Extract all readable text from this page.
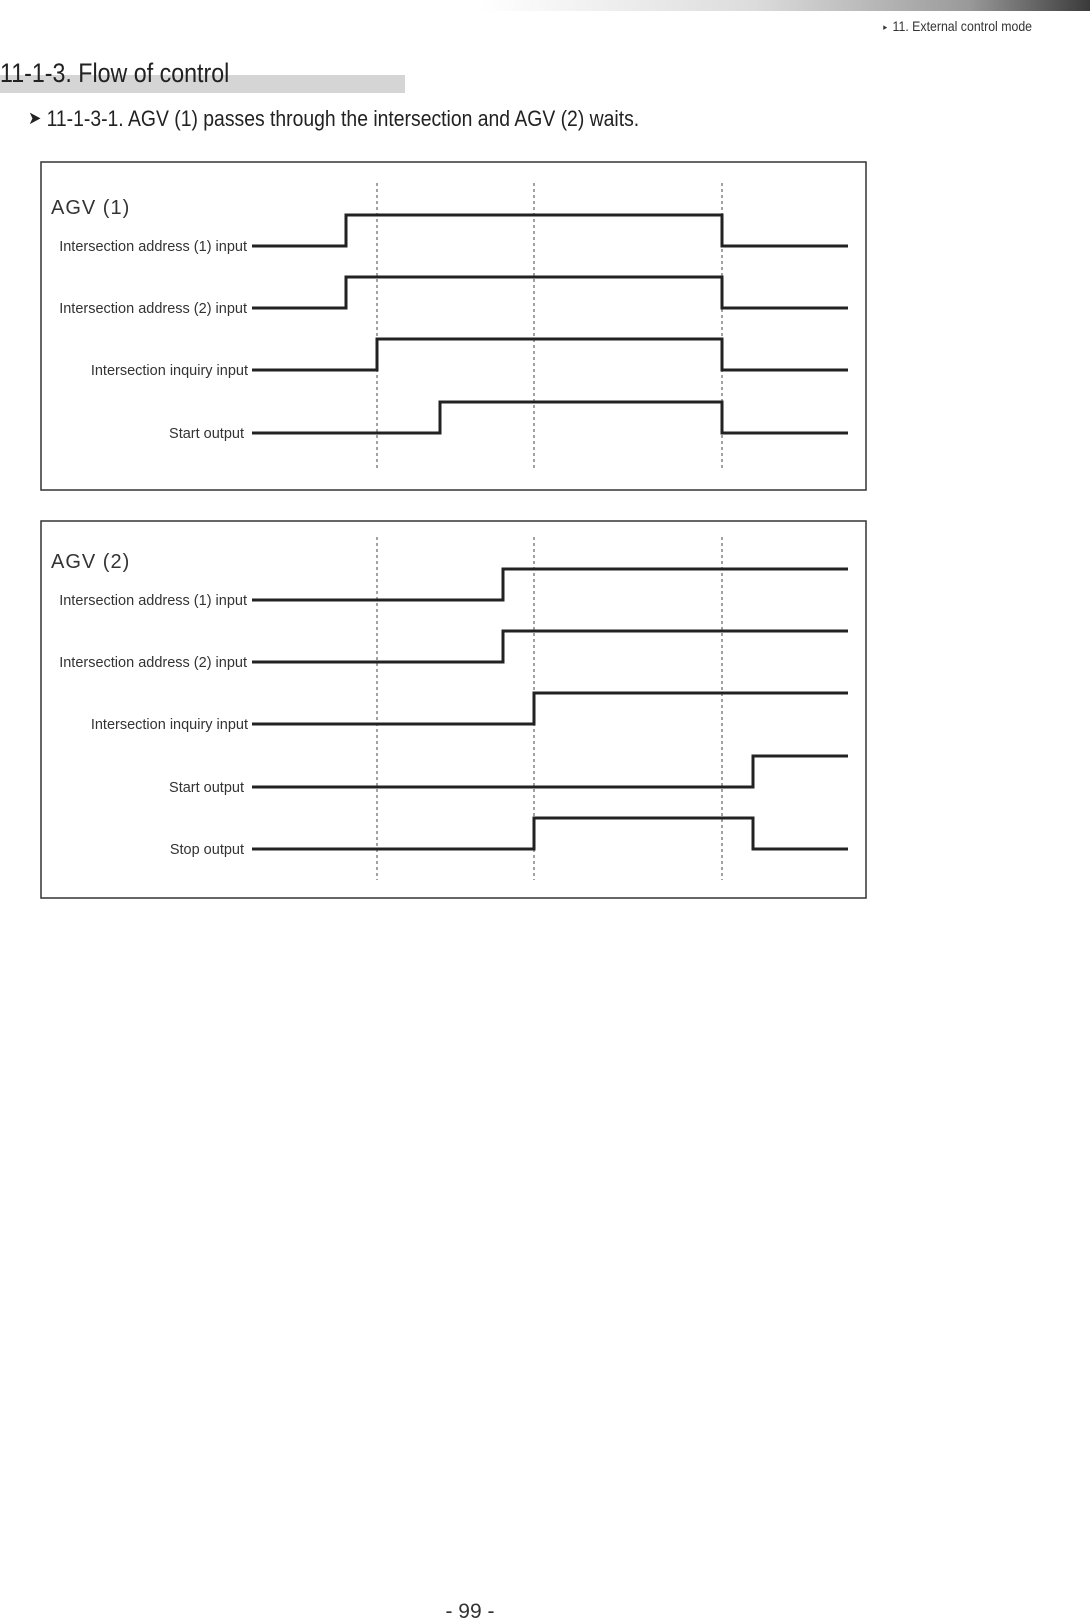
▸ 11. External control mode
11-1-3. Flow of control
➤ 11-1-3-1. AGV (1) passes through the intersection and AGV (2) waits.
AGV (1)
Intersection address (1) input
Intersection address (2) input
Intersection inquiry input
Start output
AGV (2)
Intersection address (1) input
Intersection address (2) input
Intersection inquiry input
Start output
Stop output
- 99 -
